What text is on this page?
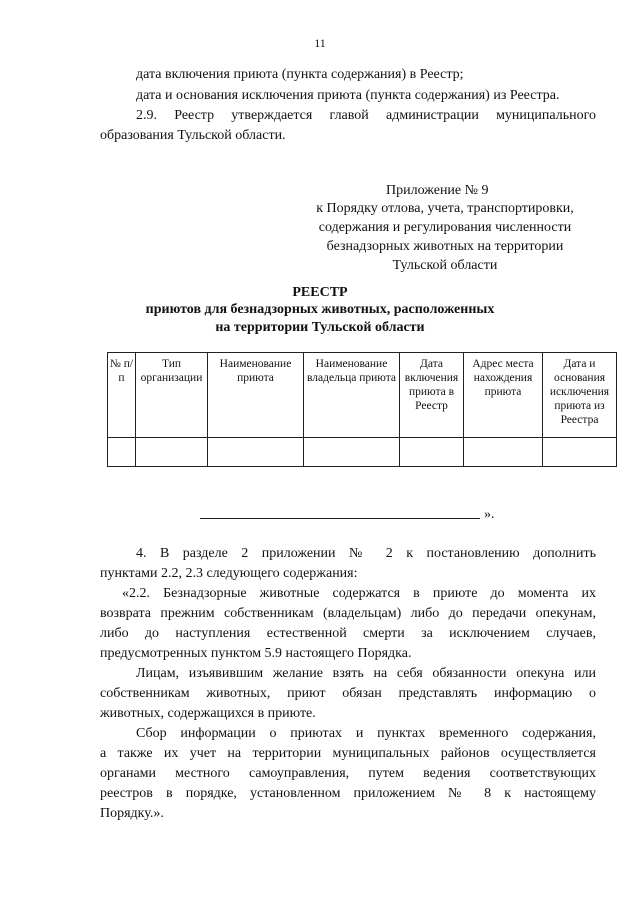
11
дата включения приюта (пункта содержания) в Реестр;
дата и основания исключения приюта (пункта содержания) из Реестра.
2.9. Реестр утверждается главой администрации муниципального
образования Тульской области.
Приложение № 9
к Порядку отлова, учета, транспортировки,
содержания и регулирования численности
безнадзорных животных на территории
Тульской области
РЕЕСТР
приютов для безнадзорных животных, расположенных
на территории Тульской области
№ п/п	Тип организации	Наименование приюта	Наименование владельца приюта	Дата включения приюта в Реестр	Адрес места нахождения приюта	Дата и основания исключения приюта из Реестра

».
4. В разделе 2 приложении № 2 к постановлению дополнить
пунктами 2.2, 2.3 следующего содержания:
«2.2. Безнадзорные животные содержатся в приюте до момента их
возврата прежним собственникам (владельцам) либо до передачи опекунам,
либо до наступления естественной смерти за исключением случаев,
предусмотренных пунктом 5.9 настоящего Порядка.
Лицам, изъявившим желание взять на себя обязанности опекуна или
собственникам животных, приют обязан представлять информацию о
животных, содержащихся в приюте.
Сбор информации о приютах и пунктах временного содержания,
а также их учет на территории муниципальных районов осуществляется
органами местного самоуправления, путем ведения соответствующих
реестров в порядке, установленном приложением № 8 к настоящему
Порядку.».
